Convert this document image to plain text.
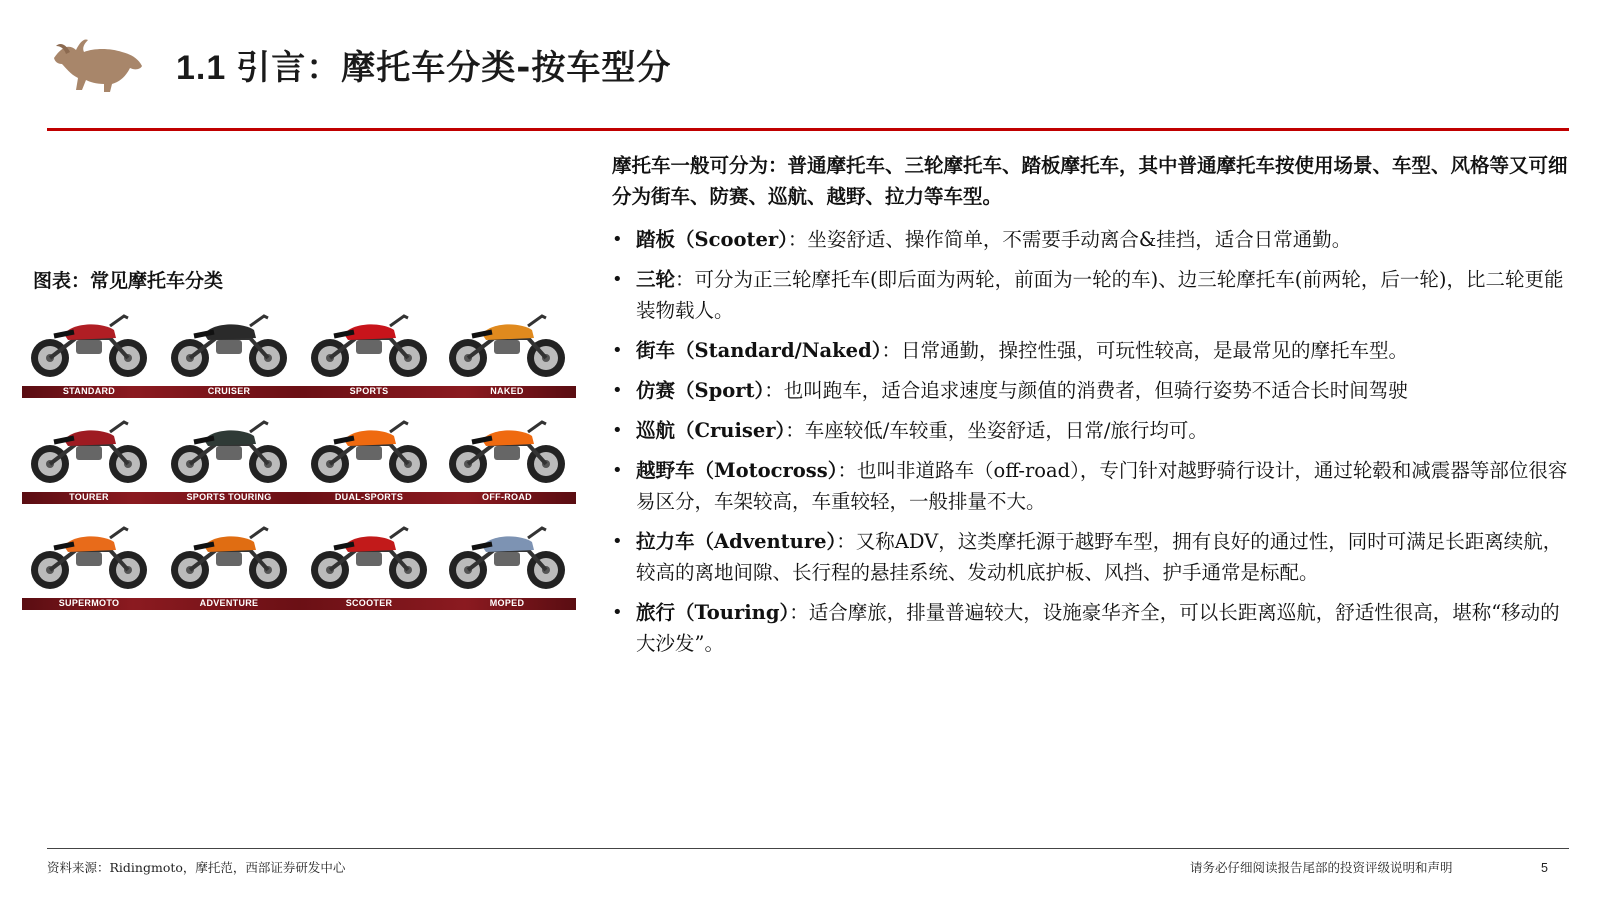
1.1 引言：摩托车分类-按车型分
图表：常见摩托车分类
STANDARD	CRUISER	SPORTS	NAKED
TOURER	SPORTS TOURING	DUAL-SPORTS	OFF-ROAD
SUPERMOTO	ADVENTURE	SCOOTER	MOPED
摩托车一般可分为：普通摩托车、三轮摩托车、踏板摩托车，其中普通摩托车按使用场景、车型、风格等又可细分为街车、防赛、巡航、越野、拉力等车型。
• 踏板（Scooter）：坐姿舒适、操作简单，不需要手动离合&挂挡，适合日常通勤。
• 三轮：可分为正三轮摩托车(即后面为两轮，前面为一轮的车)、边三轮摩托车(前两轮，后一轮)，比二轮更能装物载人。
• 街车（Standard/Naked）：日常通勤，操控性强，可玩性较高，是最常见的摩托车型。
• 仿赛（Sport）：也叫跑车，适合追求速度与颜值的消费者，但骑行姿势不适合长时间驾驶
• 巡航（Cruiser）：车座较低/车较重，坐姿舒适，日常/旅行均可。
• 越野车（Motocross）：也叫非道路车（off-road），专门针对越野骑行设计，通过轮毂和减震器等部位很容易区分，车架较高，车重较轻，一般排量不大。
• 拉力车（Adventure）：又称ADV，这类摩托源于越野车型，拥有良好的通过性，同时可满足长距离续航，较高的离地间隙、长行程的悬挂系统、发动机底护板、风挡、护手通常是标配。
• 旅行（Touring）：适合摩旅，排量普遍较大，设施豪华齐全，可以长距离巡航，舒适性很高，堪称“移动的大沙发”。
资料来源：Ridingmoto，摩托范，西部证券研发中心	请务必仔细阅读报告尾部的投资评级说明和声明	5
